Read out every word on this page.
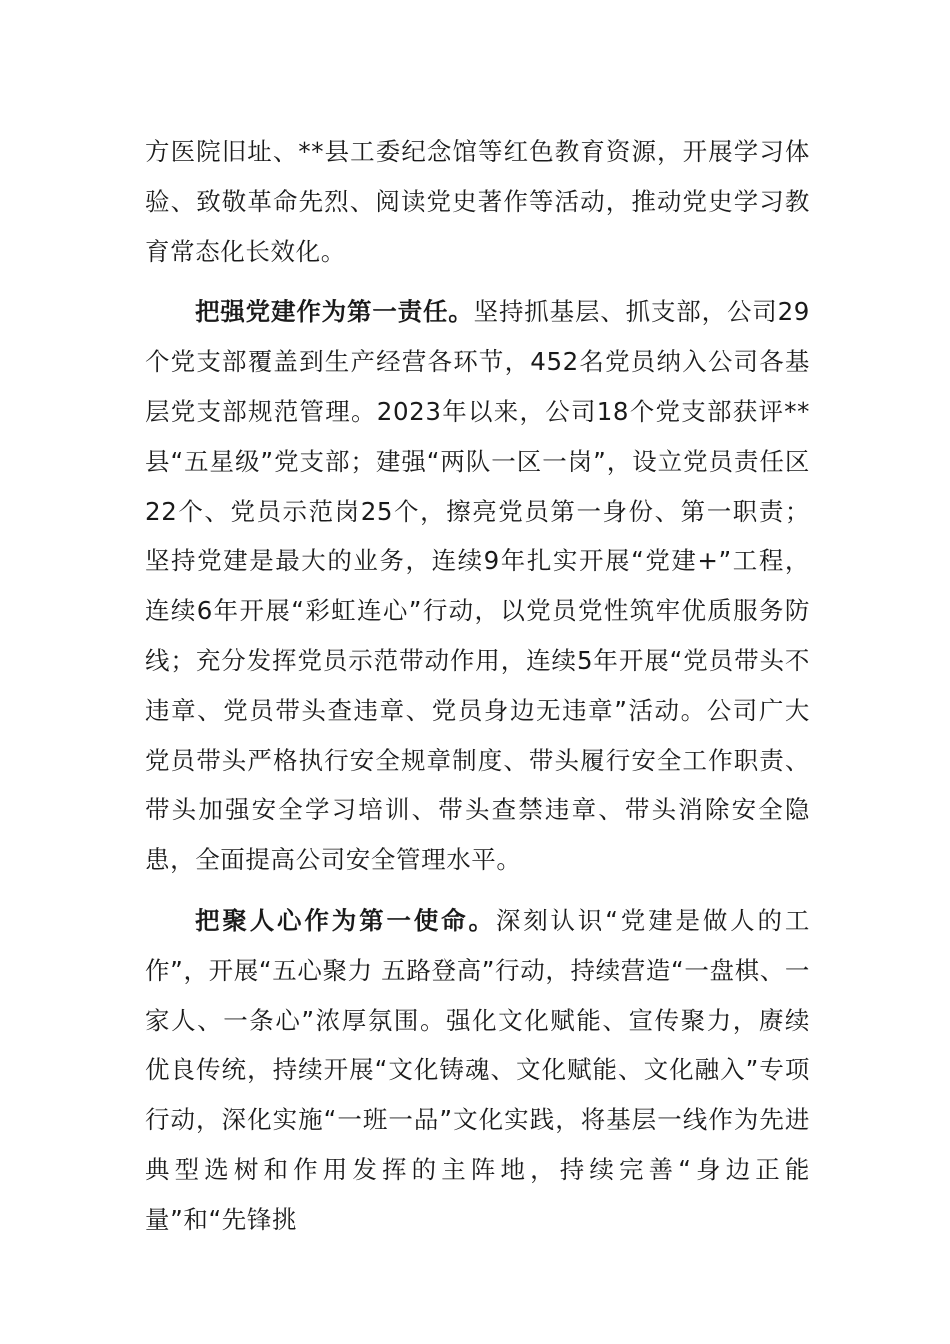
方医院旧址、**县工委纪念馆等红色教育资源，开展学习体验、致敬革命先烈、阅读党史著作等活动，推动党史学习教育常态化长效化。

把强党建作为第一责任。坚持抓基层、抓支部，公司29个党支部覆盖到生产经营各环节，452名党员纳入公司各基层党支部规范管理。2023年以来，公司18个党支部获评**县“五星级”党支部；建强“两队一区一岗”，设立党员责任区22个、党员示范岗25个，擦亮党员第一身份、第一职责；坚持党建是最大的业务，连续9年扎实开展“党建+”工程，连续6年开展“彩虹连心”行动，以党员党性筑牢优质服务防线；充分发挥党员示范带动作用，连续5年开展“党员带头不违章、党员带头查违章、党员身边无违章”活动。公司广大党员带头严格执行安全规章制度、带头履行安全工作职责、带头加强安全学习培训、带头查禁违章、带头消除安全隐患，全面提高公司安全管理水平。

把聚人心作为第一使命。深刻认识“党建是做人的工作”，开展“五心聚力 五路登高”行动，持续营造“一盘棋、一家人、一条心”浓厚氛围。强化文化赋能、宣传聚力，赓续优良传统，持续开展“文化铸魂、文化赋能、文化融入”专项行动，深化实施“一班一品”文化实践，将基层一线作为先进典型选树和作用发挥的主阵地，持续完善“身边正能量”和“先锋挑
